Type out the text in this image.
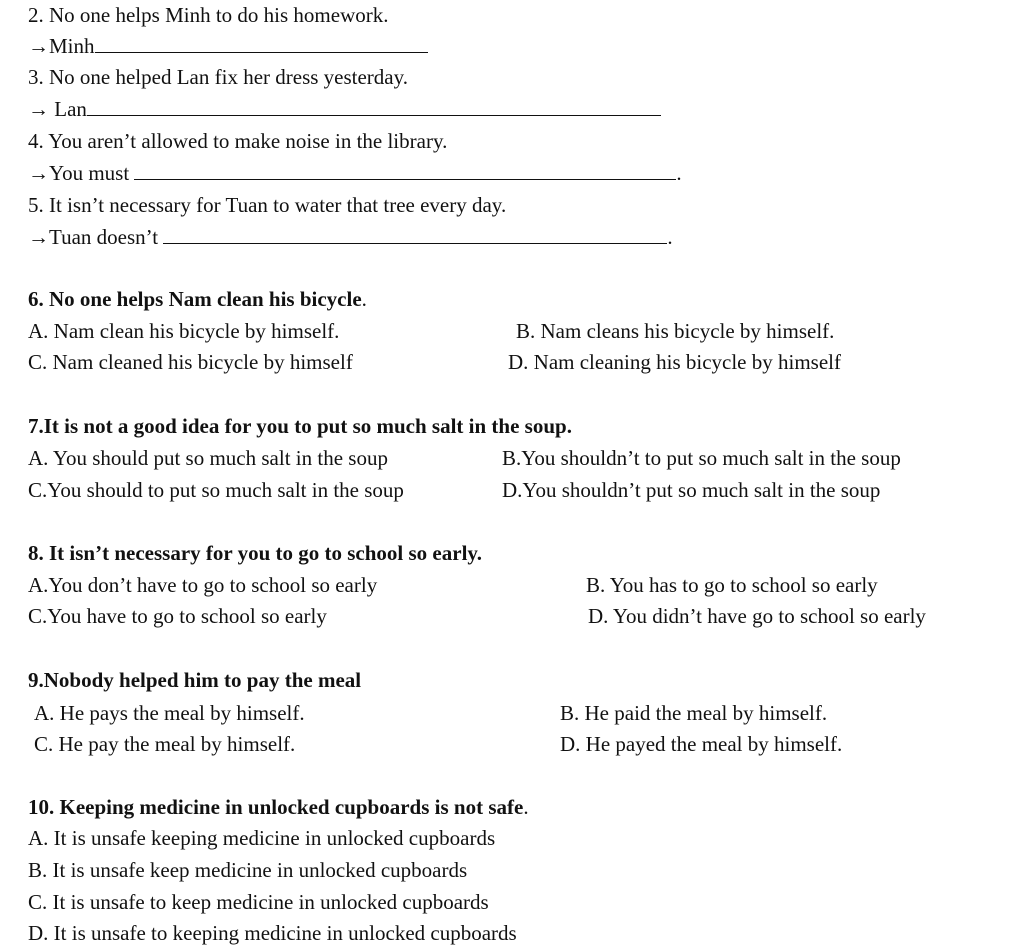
2. No one helps Minh to do his homework.
→Minh
3. No one helped Lan fix her dress yesterday.
→ Lan
4. You aren’t allowed to make noise in the library.
→You must	.
5. It isn’t necessary for Tuan to water that tree every day.
→Tuan doesn’t	.
6. No one helps Nam clean his bicycle.
A. Nam clean his bicycle by himself.	B. Nam cleans his bicycle by himself.
C. Nam cleaned his bicycle by himself	D. Nam cleaning his bicycle by himself
7.It is not a good idea for you to put so much salt in the soup.
A. You should put so much salt in the soup	B.You shouldn’t to put so much salt in the soup
C.You should to put so much salt in the soup	D.You shouldn’t put so much salt in the soup
8. It isn’t necessary for you to go to school so early.
A.You don’t have to go to school so early	B. You has to go to school so early
C.You have to go to school so early	D. You didn’t have go to school so early
9.Nobody helped him to pay the meal
A. He pays the meal by himself.	B. He paid the meal by himself.
C. He pay the meal by himself.	D. He payed the meal by himself.
10. Keeping medicine in unlocked cupboards is not safe.
A. It is unsafe keeping medicine in unlocked cupboards
B. It is unsafe keep medicine in unlocked cupboards
C. It is unsafe to keep medicine in unlocked cupboards
D. It is unsafe to keeping medicine in unlocked cupboards
